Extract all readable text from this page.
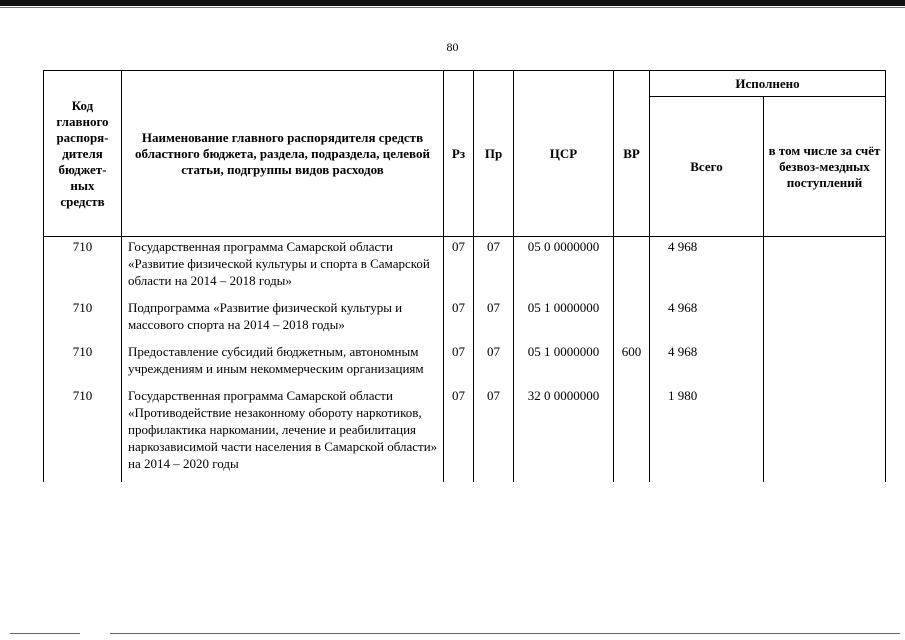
80
Код главного распоря-дителя бюджет-ных средств	Наименование главного распорядителя средств областного бюджета, раздела, подраздела, целевой статьи, подгруппы видов расходов	Рз	Пр	ЦСР	ВР	Исполнено	
						Всего	в том числе за счёт безвоз-мездных поступлений
710	Государственная программа Самарской области «Развитие физической культуры и спорта в Самарской области на 2014 – 2018 годы»	07	07	05 0 0000000		4 968	
710	Подпрограмма «Развитие физической культуры и массового спорта на 2014 – 2018 годы»	07	07	05 1 0000000		4 968	
710	Предоставление субсидий бюджетным, автономным учреждениям и иным некоммерческим организациям	07	07	05 1 0000000	600	4 968	
710	Государственная программа Самарской области «Противодействие незаконному обороту наркотиков, профилактика наркомании, лечение и реабилитация наркозависимой части населения в Самарской области» на 2014 – 2020 годы	07	07	32 0 0000000		1 980	
